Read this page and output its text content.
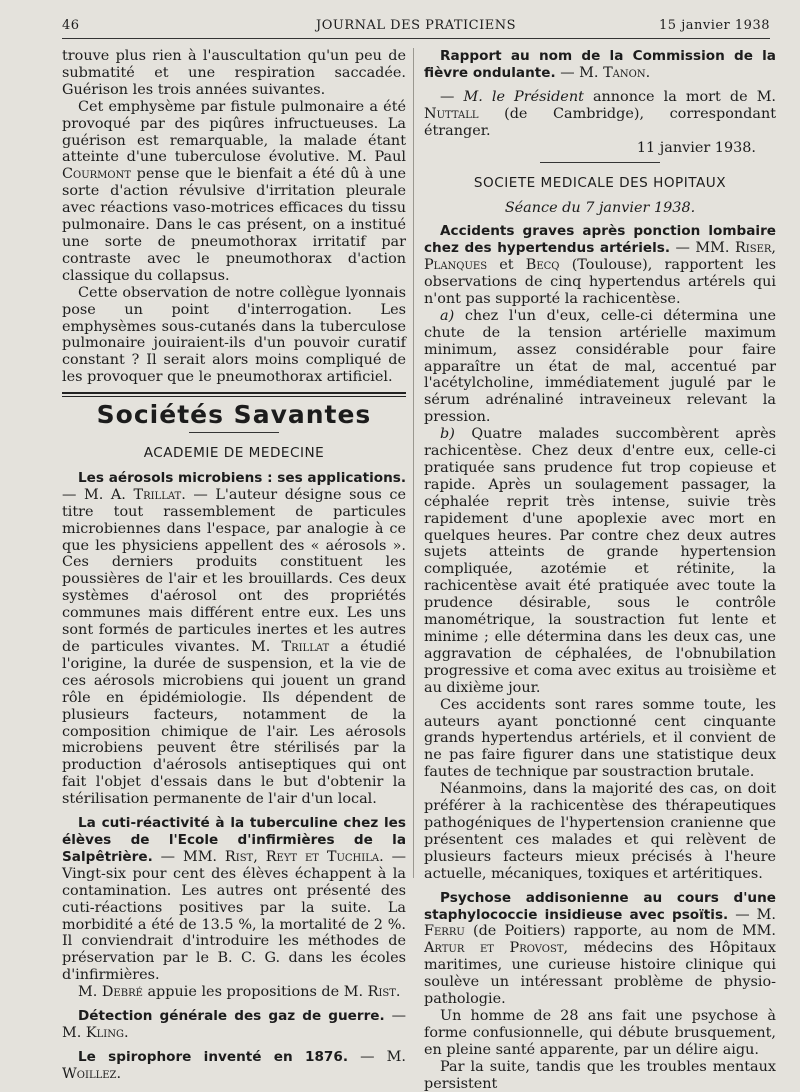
46	JOURNAL DES PRATICIENS	15 janvier 1938

trouve plus rien à l'auscultation qu'un peu de submatité et une respiration saccadée. Guérison les trois années suivantes.

Cet emphysème par fistule pulmonaire a été provoqué par des piqûres infructueuses. La guérison est remarquable, la malade étant atteinte d'une tuberculose évolutive. M. Paul Courmont pense que le bienfait a été dû à une sorte d'action révulsive d'irritation pleurale avec réactions vaso-motrices efficaces du tissu pulmonaire. Dans le cas présent, on a institué une sorte de pneumothorax irritatif par contraste avec le pneumothorax d'action classique du collapsus.

Cette observation de notre collègue lyonnais pose un point d'interrogation. Les emphysèmes sous-cutanés dans la tuberculose pulmonaire jouiraient-ils d'un pouvoir curatif constant ? Il serait alors moins compliqué de les provoquer que le pneumothorax artificiel.

Sociétés Savantes
ACADEMIE DE MEDECINE

Les aérosols microbiens : ses applications. — M. A. Trillat. — L'auteur désigne sous ce titre tout rassemblement de particules microbiennes dans l'espace, par analogie à ce que les physiciens appellent des « aérosols ». Ces derniers produits constituent les poussières de l'air et les brouillards. Ces deux systèmes d'aérosol ont des propriétés communes mais différent entre eux. Les uns sont formés de particules inertes et les autres de particules vivantes. M. Trillat a étudié l'origine, la durée de suspension, et la vie de ces aérosols microbiens qui jouent un grand rôle en épidémiologie. Ils dépendent de plusieurs facteurs, notamment de la composition chimique de l'air. Les aérosols microbiens peuvent être stérilisés par la production d'aérosols antiseptiques qui ont fait l'objet d'essais dans le but d'obtenir la stérilisation permanente de l'air d'un local.

La cuti-réactivité à la tuberculine chez les élèves de l'Ecole d'infirmières de la Salpêtrière. — MM. Rist, Reyt et Tuchila. — Vingt-six pour cent des élèves échappent à la contamination. Les autres ont présenté des cuti-réactions positives par la suite. La morbidité a été de 13.5 %, la mortalité de 2 %. Il conviendrait d'introduire les méthodes de préservation par le B. C. G. dans les écoles d'infirmières.

M. Debré appuie les propositions de M. Rist.

Détection générale des gaz de guerre. — M. Kling.

Le spirophore inventé en 1876. — M. Woillez.

Rapport au nom de la Commission de la fièvre ondulante. — M. Tanon.

— M. le Président annonce la mort de M. Nuttall (de Cambridge), correspondant étranger.

11 janvier 1938.

SOCIETE MEDICALE DES HOPITAUX
Séance du 7 janvier 1938.

Accidents graves après ponction lombaire chez des hypertendus artériels. — MM. Riser, Planques et Becq (Toulouse), rapportent les observations de cinq hypertendus artérels qui n'ont pas supporté la rachicentèse.

a) chez l'un d'eux, celle-ci détermina une chute de la tension artérielle maximum minimum, assez considérable pour faire apparaître un état de mal, accentué par l'acétylcholine, immédiatement jugulé par le sérum adrénaliné intraveineux relevant la pression.

b) Quatre malades succombèrent après rachicentèse. Chez deux d'entre eux, celle-ci pratiquée sans prudence fut trop copieuse et rapide. Après un soulagement passager, la céphalée reprit très intense, suivie très rapidement d'une apoplexie avec mort en quelques heures. Par contre chez deux autres sujets atteints de grande hypertension compliquée, azotémie et rétinite, la rachicentèse avait été pratiquée avec toute la prudence désirable, sous le contrôle manométrique, la soustraction fut lente et minime ; elle détermina dans les deux cas, une aggravation de céphalées, de l'obnubilation progressive et coma avec exitus au troisième et au dixième jour.

Ces accidents sont rares somme toute, les auteurs ayant ponctionné cent cinquante grands hypertendus artériels, et il convient de ne pas faire figurer dans une statistique deux fautes de technique par soustraction brutale.

Néanmoins, dans la majorité des cas, on doit préférer à la rachicentèse des thérapeutiques pathogéniques de l'hypertension cranienne que présentent ces malades et qui relèvent de plusieurs facteurs mieux précisés à l'heure actuelle, mécaniques, toxiques et artéritiques.

Psychose addisonienne au cours d'une staphylococcie insidieuse avec psoïtis. — M. Ferru (de Poitiers) rapporte, au nom de MM. Artur et Provost, médecins des Hôpitaux maritimes, une curieuse histoire clinique qui soulève un intéressant problème de physio-pathologie.

Un homme de 28 ans fait une psychose à forme confusionnelle, qui débute brusquement, en pleine santé apparente, par un délire aigu.

Par la suite, tandis que les troubles mentaux persistent
